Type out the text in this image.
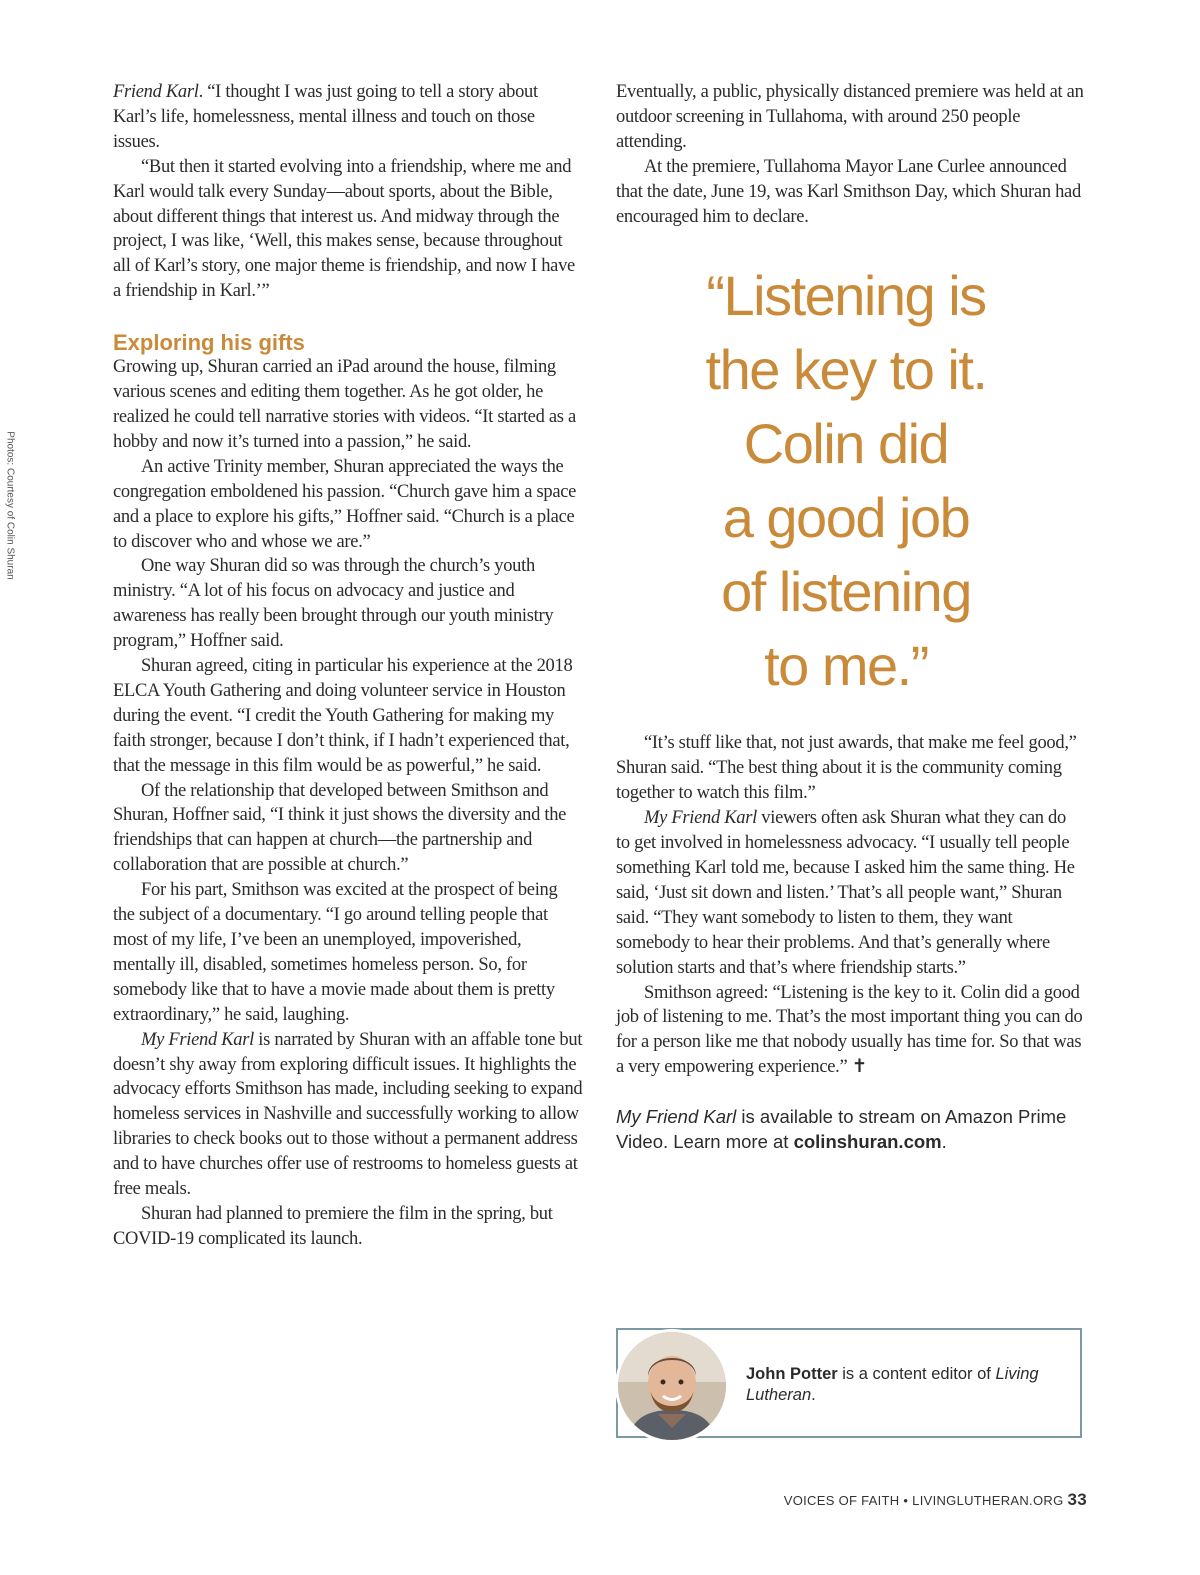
Photos: Courtesy of Colin Shuran

Friend Karl. “I thought I was just going to tell a story about Karl’s life, homelessness, mental illness and touch on those issues.

“But then it started evolving into a friendship, where me and Karl would talk every Sunday—about sports, about the Bible, about different things that interest us. And midway through the project, I was like, ‘Well, this makes sense, because throughout all of Karl’s story, one major theme is friendship, and now I have a friendship in Karl.’”

Exploring his gifts

Growing up, Shuran carried an iPad around the house, filming various scenes and editing them together. As he got older, he realized he could tell narrative stories with videos. “It started as a hobby and now it’s turned into a passion,” he said.

An active Trinity member, Shuran appreciated the ways the congregation emboldened his passion. “Church gave him a space and a place to explore his gifts,” Hoffner said. “Church is a place to discover who and whose we are.”

One way Shuran did so was through the church’s youth ministry. “A lot of his focus on advocacy and justice and awareness has really been brought through our youth ministry program,” Hoffner said.

Shuran agreed, citing in particular his experience at the 2018 ELCA Youth Gathering and doing volunteer service in Houston during the event. “I credit the Youth Gathering for making my faith stronger, because I don’t think, if I hadn’t experienced that, that the message in this film would be as powerful,” he said.

Of the relationship that developed between Smithson and Shuran, Hoffner said, “I think it just shows the diversity and the friendships that can happen at church—the partnership and collaboration that are possible at church.”

For his part, Smithson was excited at the prospect of being the subject of a documentary. “I go around telling people that most of my life, I’ve been an unemployed, impoverished, mentally ill, disabled, sometimes homeless person. So, for somebody like that to have a movie made about them is pretty extraordinary,” he said, laughing.

My Friend Karl is narrated by Shuran with an affable tone but doesn’t shy away from exploring difficult issues. It highlights the advocacy efforts Smithson has made, including seeking to expand homeless services in Nashville and successfully working to allow libraries to check books out to those without a permanent address and to have churches offer use of restrooms to homeless guests at free meals.

Shuran had planned to premiere the film in the spring, but COVID-19 complicated its launch.

Eventually, a public, physically distanced premiere was held at an outdoor screening in Tullahoma, with around 250 people attending.

At the premiere, Tullahoma Mayor Lane Curlee announced that the date, June 19, was Karl Smithson Day, which Shuran had encouraged him to declare.

“Listening is
the key to it.
Colin did
a good job
of listening
to me.”

“It’s stuff like that, not just awards, that make me feel good,” Shuran said. “The best thing about it is the community coming together to watch this film.”

My Friend Karl viewers often ask Shuran what they can do to get involved in homelessness advocacy. “I usually tell people something Karl told me, because I asked him the same thing. He said, ‘Just sit down and listen.’ That’s all people want,” Shuran said. “They want somebody to listen to them, they want somebody to hear their problems. And that’s generally where solution starts and that’s where friendship starts.”

Smithson agreed: “Listening is the key to it. Colin did a good job of listening to me. That’s the most important thing you can do for a person like me that nobody usually has time for. So that was a very empowering experience.” ✝

My Friend Karl is available to stream on Amazon Prime Video. Learn more at colinshuran.com.
John Potter is a content editor of Living Lutheran.
VOICES OF FAITH • LIVINGLUTHERAN.ORG 33
